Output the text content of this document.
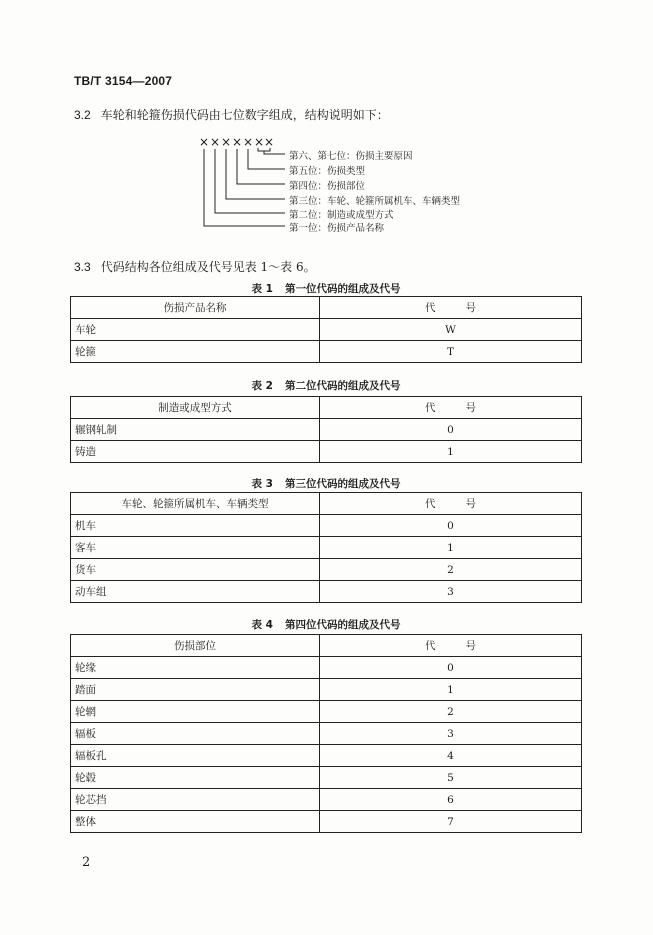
TB/T 3154—2007
3.2 车轮和轮箍伤损代码由七位数字组成，结构说明如下：
× × × × × ××
第六、第七位：伤损主要原因
第五位：伤损类型
第四位：伤损部位
第三位：车轮、轮箍所属机车、车辆类型
第二位：制造或成型方式
第一位：伤损产品名称
3.3 代码结构各位组成及代号见表 1～表 6。
表 1 第一位代码的组成及代号
伤损产品名称	代号
车轮	W
轮箍	T
表 2 第二位代码的组成及代号
制造或成型方式	代号
辗钢轧制	0
铸造	1
表 3 第三位代码的组成及代号
车轮、轮箍所属机车、车辆类型	代号
机车	0
客车	1
货车	2
动车组	3
表 4 第四位代码的组成及代号
伤损部位	代号
轮缘	0
踏面	1
轮辋	2
辐板	3
辐板孔	4
轮毂	5
轮芯挡	6
整体	7
2
